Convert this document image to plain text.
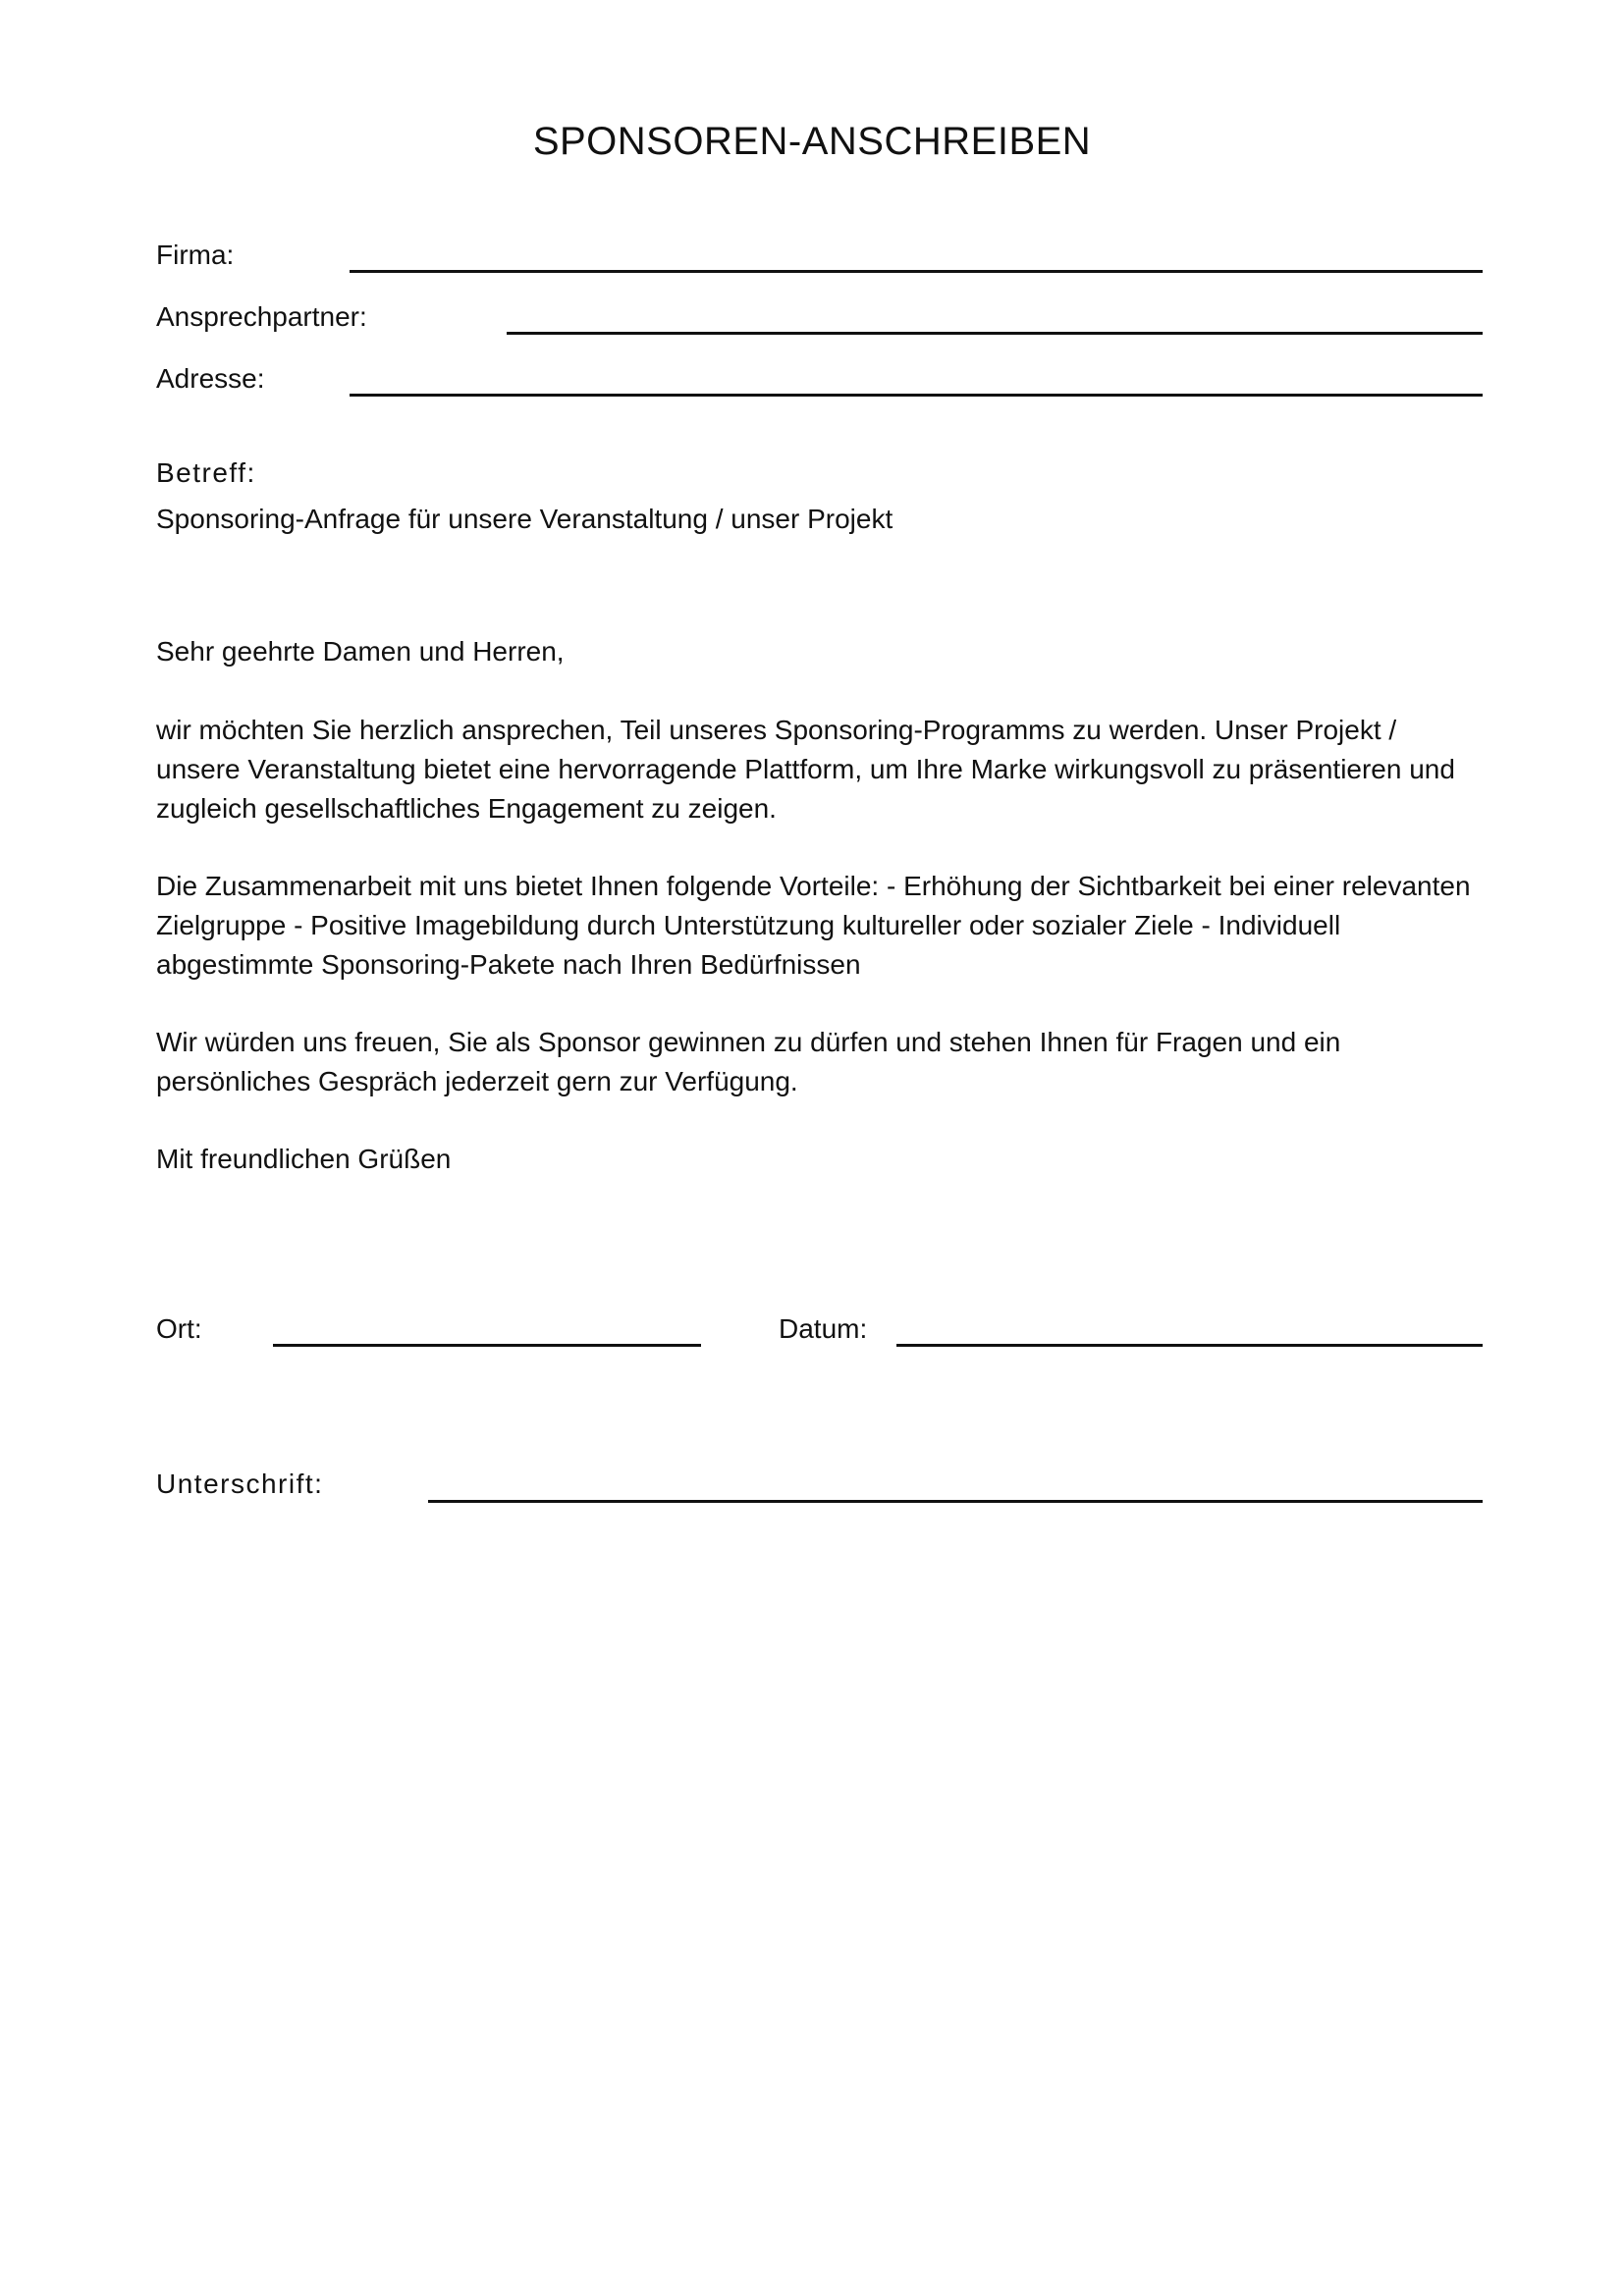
SPONSOREN-ANSCHREIBEN
Firma:
Ansprechpartner:
Adresse:
Betreff:
Sponsoring-Anfrage für unsere Veranstaltung / unser Projekt

Sehr geehrte Damen und Herren,

wir möchten Sie herzlich ansprechen, Teil unseres Sponsoring-Programms zu werden. Unser Projekt / unsere Veranstaltung bietet eine hervorragende Plattform, um Ihre Marke wirkungsvoll zu präsentieren und zugleich gesellschaftliches Engagement zu zeigen.

Die Zusammenarbeit mit uns bietet Ihnen folgende Vorteile: - Erhöhung der Sichtbarkeit bei einer relevanten Zielgruppe - Positive Imagebildung durch Unterstützung kultureller oder sozialer Ziele - Individuell abgestimmte Sponsoring-Pakete nach Ihren Bedürfnissen

Wir würden uns freuen, Sie als Sponsor gewinnen zu dürfen und stehen Ihnen für Fragen und ein persönliches Gespräch jederzeit gern zur Verfügung.

Mit freundlichen Grüßen

Ort:	Datum:
Unterschrift:
